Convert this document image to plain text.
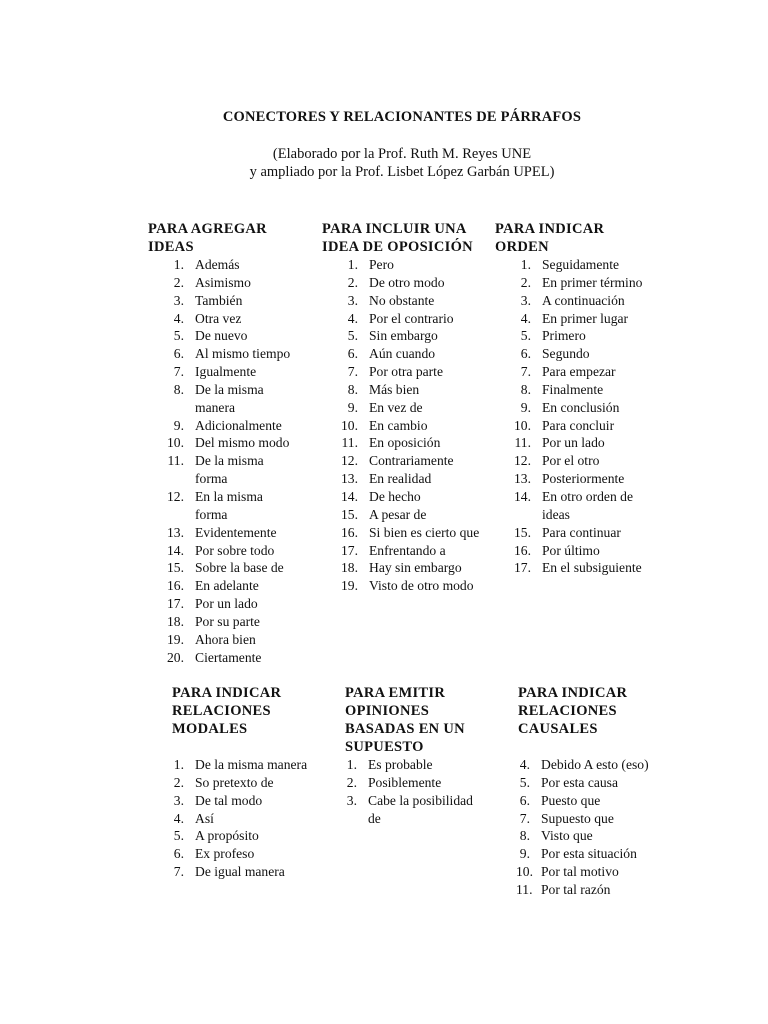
CONECTORES Y RELACIONANTES DE PÁRRAFOS
(Elaborado por la Prof. Ruth M. Reyes UNE
y ampliado por la Prof. Lisbet López Garbán UPEL)
PARA AGREGAR IDEAS
1. Además
2. Asimismo
3. También
4. Otra vez
5. De nuevo
6. Al mismo tiempo
7. Igualmente
8. De la misma manera
9. Adicionalmente
10. Del mismo modo
11. De la misma forma
12. En la misma forma
13. Evidentemente
14. Por sobre todo
15. Sobre la base de
16. En adelante
17. Por un lado
18. Por su parte
19. Ahora bien
20. Ciertamente
PARA INCLUIR UNA IDEA DE OPOSICIÓN
1. Pero
2. De otro modo
3. No obstante
4. Por el contrario
5. Sin embargo
6. Aún cuando
7. Por otra parte
8. Más bien
9. En vez de
10. En cambio
11. En oposición
12. Contrariamente
13. En realidad
14. De hecho
15. A pesar de
16. Si bien es cierto que
17. Enfrentando a
18. Hay sin embargo
19. Visto de otro modo
PARA INDICAR ORDEN
1. Seguidamente
2. En primer término
3. A continuación
4. En primer lugar
5. Primero
6. Segundo
7. Para empezar
8. Finalmente
9. En conclusión
10. Para concluir
11. Por un lado
12. Por el otro
13. Posteriormente
14. En otro orden de ideas
15. Para continuar
16. Por último
17. En el subsiguiente
PARA INDICAR RELACIONES MODALES
1. De la misma manera
2. So pretexto de
3. De tal modo
4. Así
5. A propósito
6. Ex profeso
7. De igual manera
PARA EMITIR OPINIONES BASADAS EN UN SUPUESTO
1. Es probable
2. Posiblemente
3. Cabe la posibilidad de
PARA INDICAR RELACIONES CAUSALES
4. Debido A esto (eso)
5. Por esta causa
6. Puesto que
7. Supuesto que
8. Visto que
9. Por esta situación
10. Por tal motivo
11. Por tal razón
